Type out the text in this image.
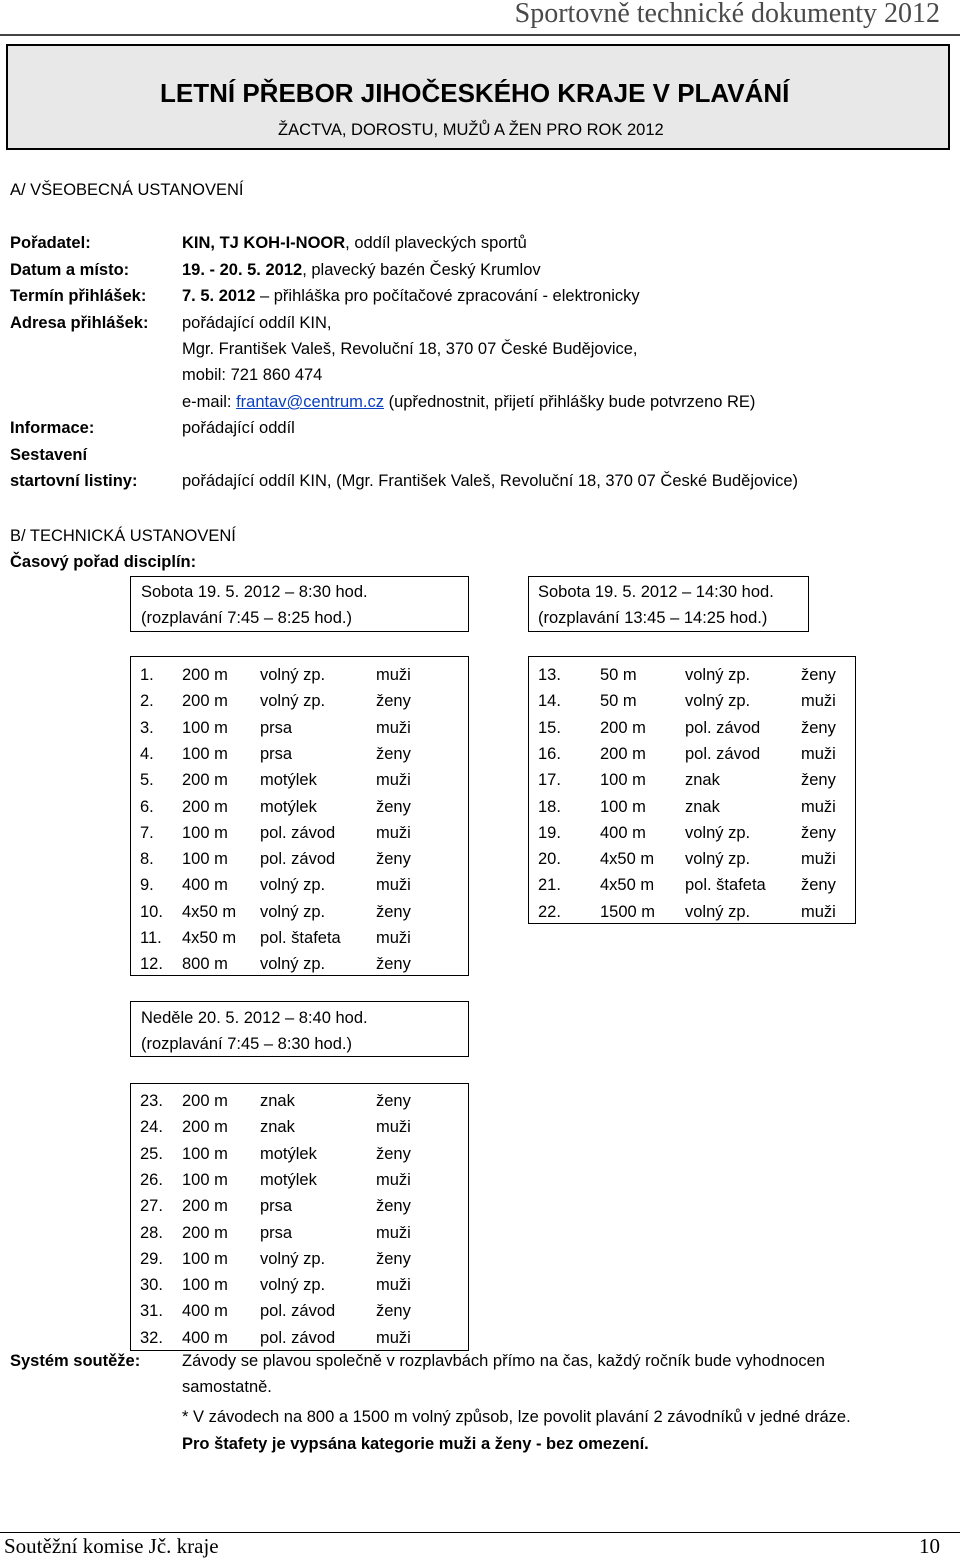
Sportovně technické dokumenty 2012
LETNÍ PŘEBOR JIHOČESKÉHO KRAJE V PLAVÁNÍ
ŽACTVA, DOROSTU, MUŽŮ A ŽEN PRO ROK 2012
A/ VŠEOBECNÁ USTANOVENÍ
Pořadatel:	KIN, TJ KOH-I-NOOR, oddíl plaveckých sportů
Datum a místo:	19. - 20. 5. 2012, plavecký bazén Český Krumlov
Termín přihlášek: 7. 5. 2012 – přihláška pro počítačové zpracování - elektronicky
Adresa přihlášek: pořádající oddíl KIN,
Mgr. František Valeš, Revoluční 18, 370 07 České Budějovice,
mobil: 721 860 474
e-mail: frantav@centrum.cz (upřednostnit, přijetí přihlášky bude potvrzeno RE)
Informace:	pořádající oddíl
Sestavení
startovní listiny:	pořádající oddíl KIN, (Mgr. František Valeš, Revoluční 18, 370 07 České Budějovice)
B/ TECHNICKÁ USTANOVENÍ
Časový pořad disciplín:
Sobota 19. 5. 2012 – 8:30 hod.
(rozplavání 7:45 – 8:25 hod.)
Sobota 19. 5. 2012 – 14:30 hod.
(rozplavání 13:45 – 14:25 hod.)
Neděle 20. 5. 2012 – 8:40 hod.
(rozplavání 7:45 – 8:30 hod.)
1. 200 m volný zp.	muži
2. 200 m volný zp.	ženy
3. 100 m prsa	muži
4. 100 m prsa	ženy
5. 200 m motýlek	muži
6. 200 m motýlek	ženy
7. 100 m pol. závod muži
8. 100 m pol. závod ženy
9. 400 m volný zp.	muži
10. 4x50 m volný zp.	ženy
11. 4x50 m pol. štafeta muži
12. 800 m volný zp.	ženy
13. 50 m	volný zp.	ženy
14. 50 m	volný zp.	muži
15. 200 m pol. závod ženy
16. 200 m pol. závod muži
17. 100 m znak	ženy
18. 100 m znak	muži
19. 400 m volný zp.	ženy
20. 4x50 m volný zp.	muži
21. 4x50 m pol. štafeta ženy
22. 1500 m volný zp.	muži
23. 200 m znak	ženy
24. 200 m znak	muži
25. 100 m motýlek	ženy
26. 100 m motýlek	muži
27. 200 m prsa	ženy
28. 200 m prsa	muži
29. 100 m volný zp.	ženy
30. 100 m volný zp.	muži
31. 400 m pol. závod ženy
32. 400 m pol. závod muži
Systém soutěže:	Závody se plavou společně v rozplavbách přímo na čas, každý ročník bude vyhodnocen
samostatně.
* V závodech na 800 a 1500 m volný způsob, lze povolit plavání 2 závodníků v jedné dráze.
Pro štafety je vypsána kategorie muži a ženy - bez omezení.
Soutěžní komise Jč. kraje	10
